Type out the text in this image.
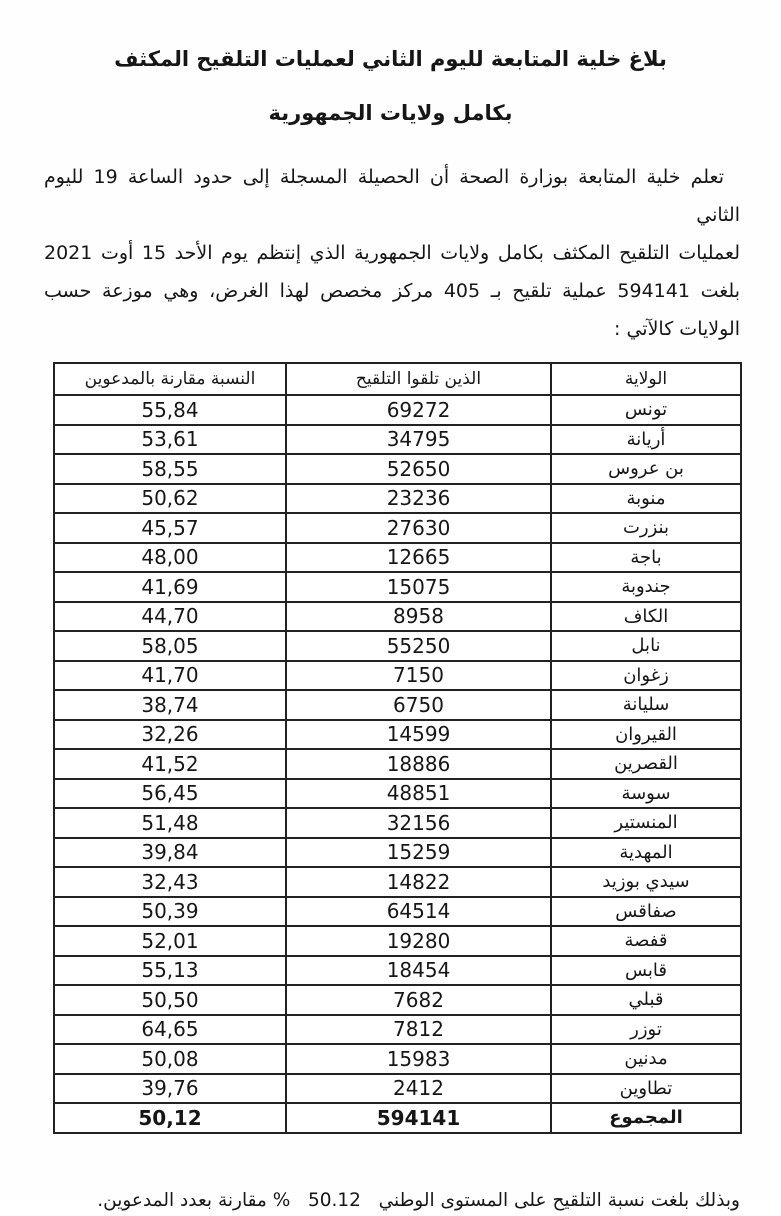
بلاغ خلية المتابعة لليوم الثاني لعمليات التلقيح المكثف
بكامل ولايات الجمهورية
تعلم خلية المتابعة بوزارة الصحة أن الحصيلة المسجلة إلى حدود الساعة 19 لليوم الثاني
لعمليات التلقيح المكثف بكامل ولايات الجمهورية الذي إنتظم يوم الأحد 15 أوت 2021
بلغت 594141 عملية تلقيح بـ 405 مركز مخصص لهذا الغرض، وهي موزعة حسب
الولايات كالآتي :
الولاية	الذين تلقوا التلقيح	النسبة مقارنة بالمدعوين
تونس	69272	55,84
أريانة	34795	53,61
بن عروس	52650	58,55
منوبة	23236	50,62
بنزرت	27630	45,57
باجة	12665	48,00
جندوبة	15075	41,69
الكاف	8958	44,70
نابل	55250	58,05
زغوان	7150	41,70
سليانة	6750	38,74
القيروان	14599	32,26
القصرين	18886	41,52
سوسة	48851	56,45
المنستير	32156	51,48
المهدية	15259	39,84
سيدي بوزيد	14822	32,43
صفاقس	64514	50,39
قفصة	19280	52,01
قابس	18454	55,13
قبلي	7682	50,50
توزر	7812	64,65
مدنين	15983	50,08
تطاوين	2412	39,76
المجموع	594141	50,12

وبذلك بلغت نسبة التلقيح على المستوى الوطني   50.12   % مقارنة بعدد المدعوين.
